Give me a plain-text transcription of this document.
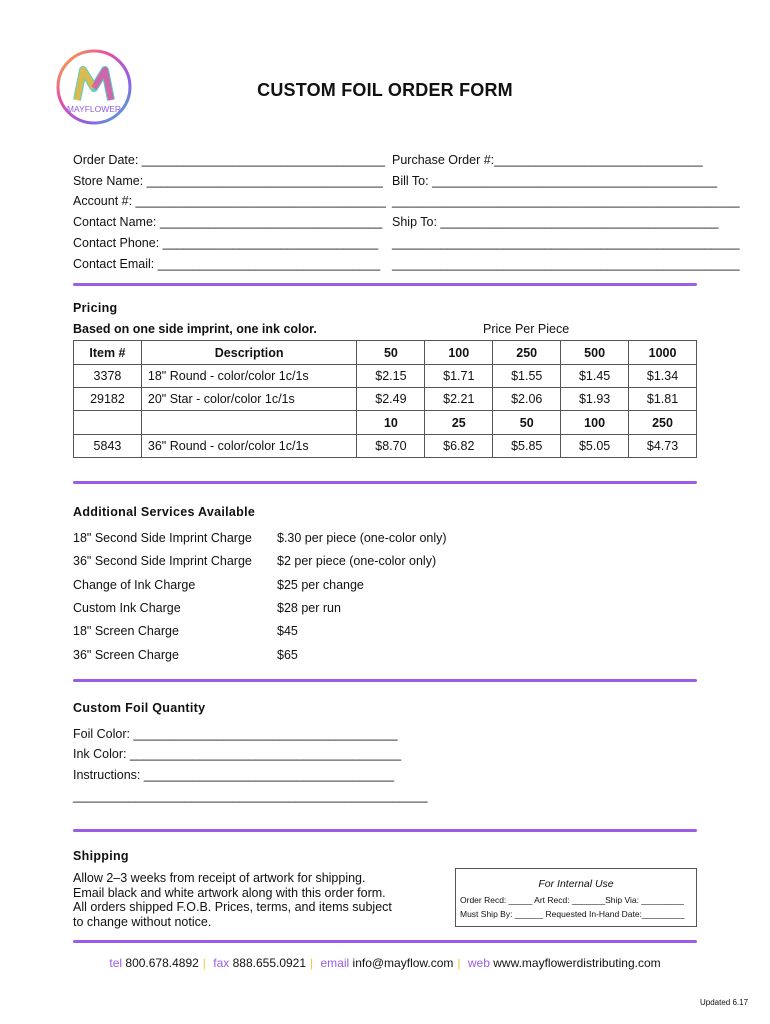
MAYFLOWER
CUSTOM FOIL ORDER FORM
Order Date: ___________________________________
Store Name: __________________________________
Account #: ____________________________________
Contact Name: ________________________________
Contact Phone: _______________________________
Contact Email: ________________________________
Purchase Order #:______________________________
Bill To: _________________________________________
__________________________________________________
Ship To: ________________________________________
__________________________________________________
__________________________________________________
Pricing
Based on one side imprint, one ink color.	Price Per Piece
Item #	Description	50	100	250	500	1000
3378	18" Round - color/color 1c/1s	$2.15	$1.71	$1.55	$1.45	$1.34
29182	20" Star - color/color 1c/1s	$2.49	$2.21	$2.06	$1.93	$1.81
		10	25	50	100	250
5843	36" Round - color/color 1c/1s	$8.70	$6.82	$5.85	$5.05	$4.73
Additional Services Available
18" Second Side Imprint Charge $.30 per piece (one-color only)
36" Second Side Imprint Charge $2 per piece (one-color only)
Change of Ink Charge	$25 per change
Custom Ink Charge	$28 per run
18" Screen Charge	$45
36" Screen Charge	$65
Custom Foil Quantity
Foil Color: ______________________________________
Ink Color: _______________________________________
Instructions: ____________________________________
___________________________________________________
Shipping
Allow 2–3 weeks from receipt of artwork for shipping.
Email black and white artwork along with this order form.
All orders shipped F.O.B. Prices, terms, and items subject
to change without notice.
For Internal Use
Order Recd: _____ Art Recd: _______Ship Via: _________
Must Ship By: ______ Requested In-Hand Date:_________
tel 800.678.4892 | fax 888.655.0921 | email info@mayflow.com | web www.mayflowerdistributing.com
Updated 6.17
